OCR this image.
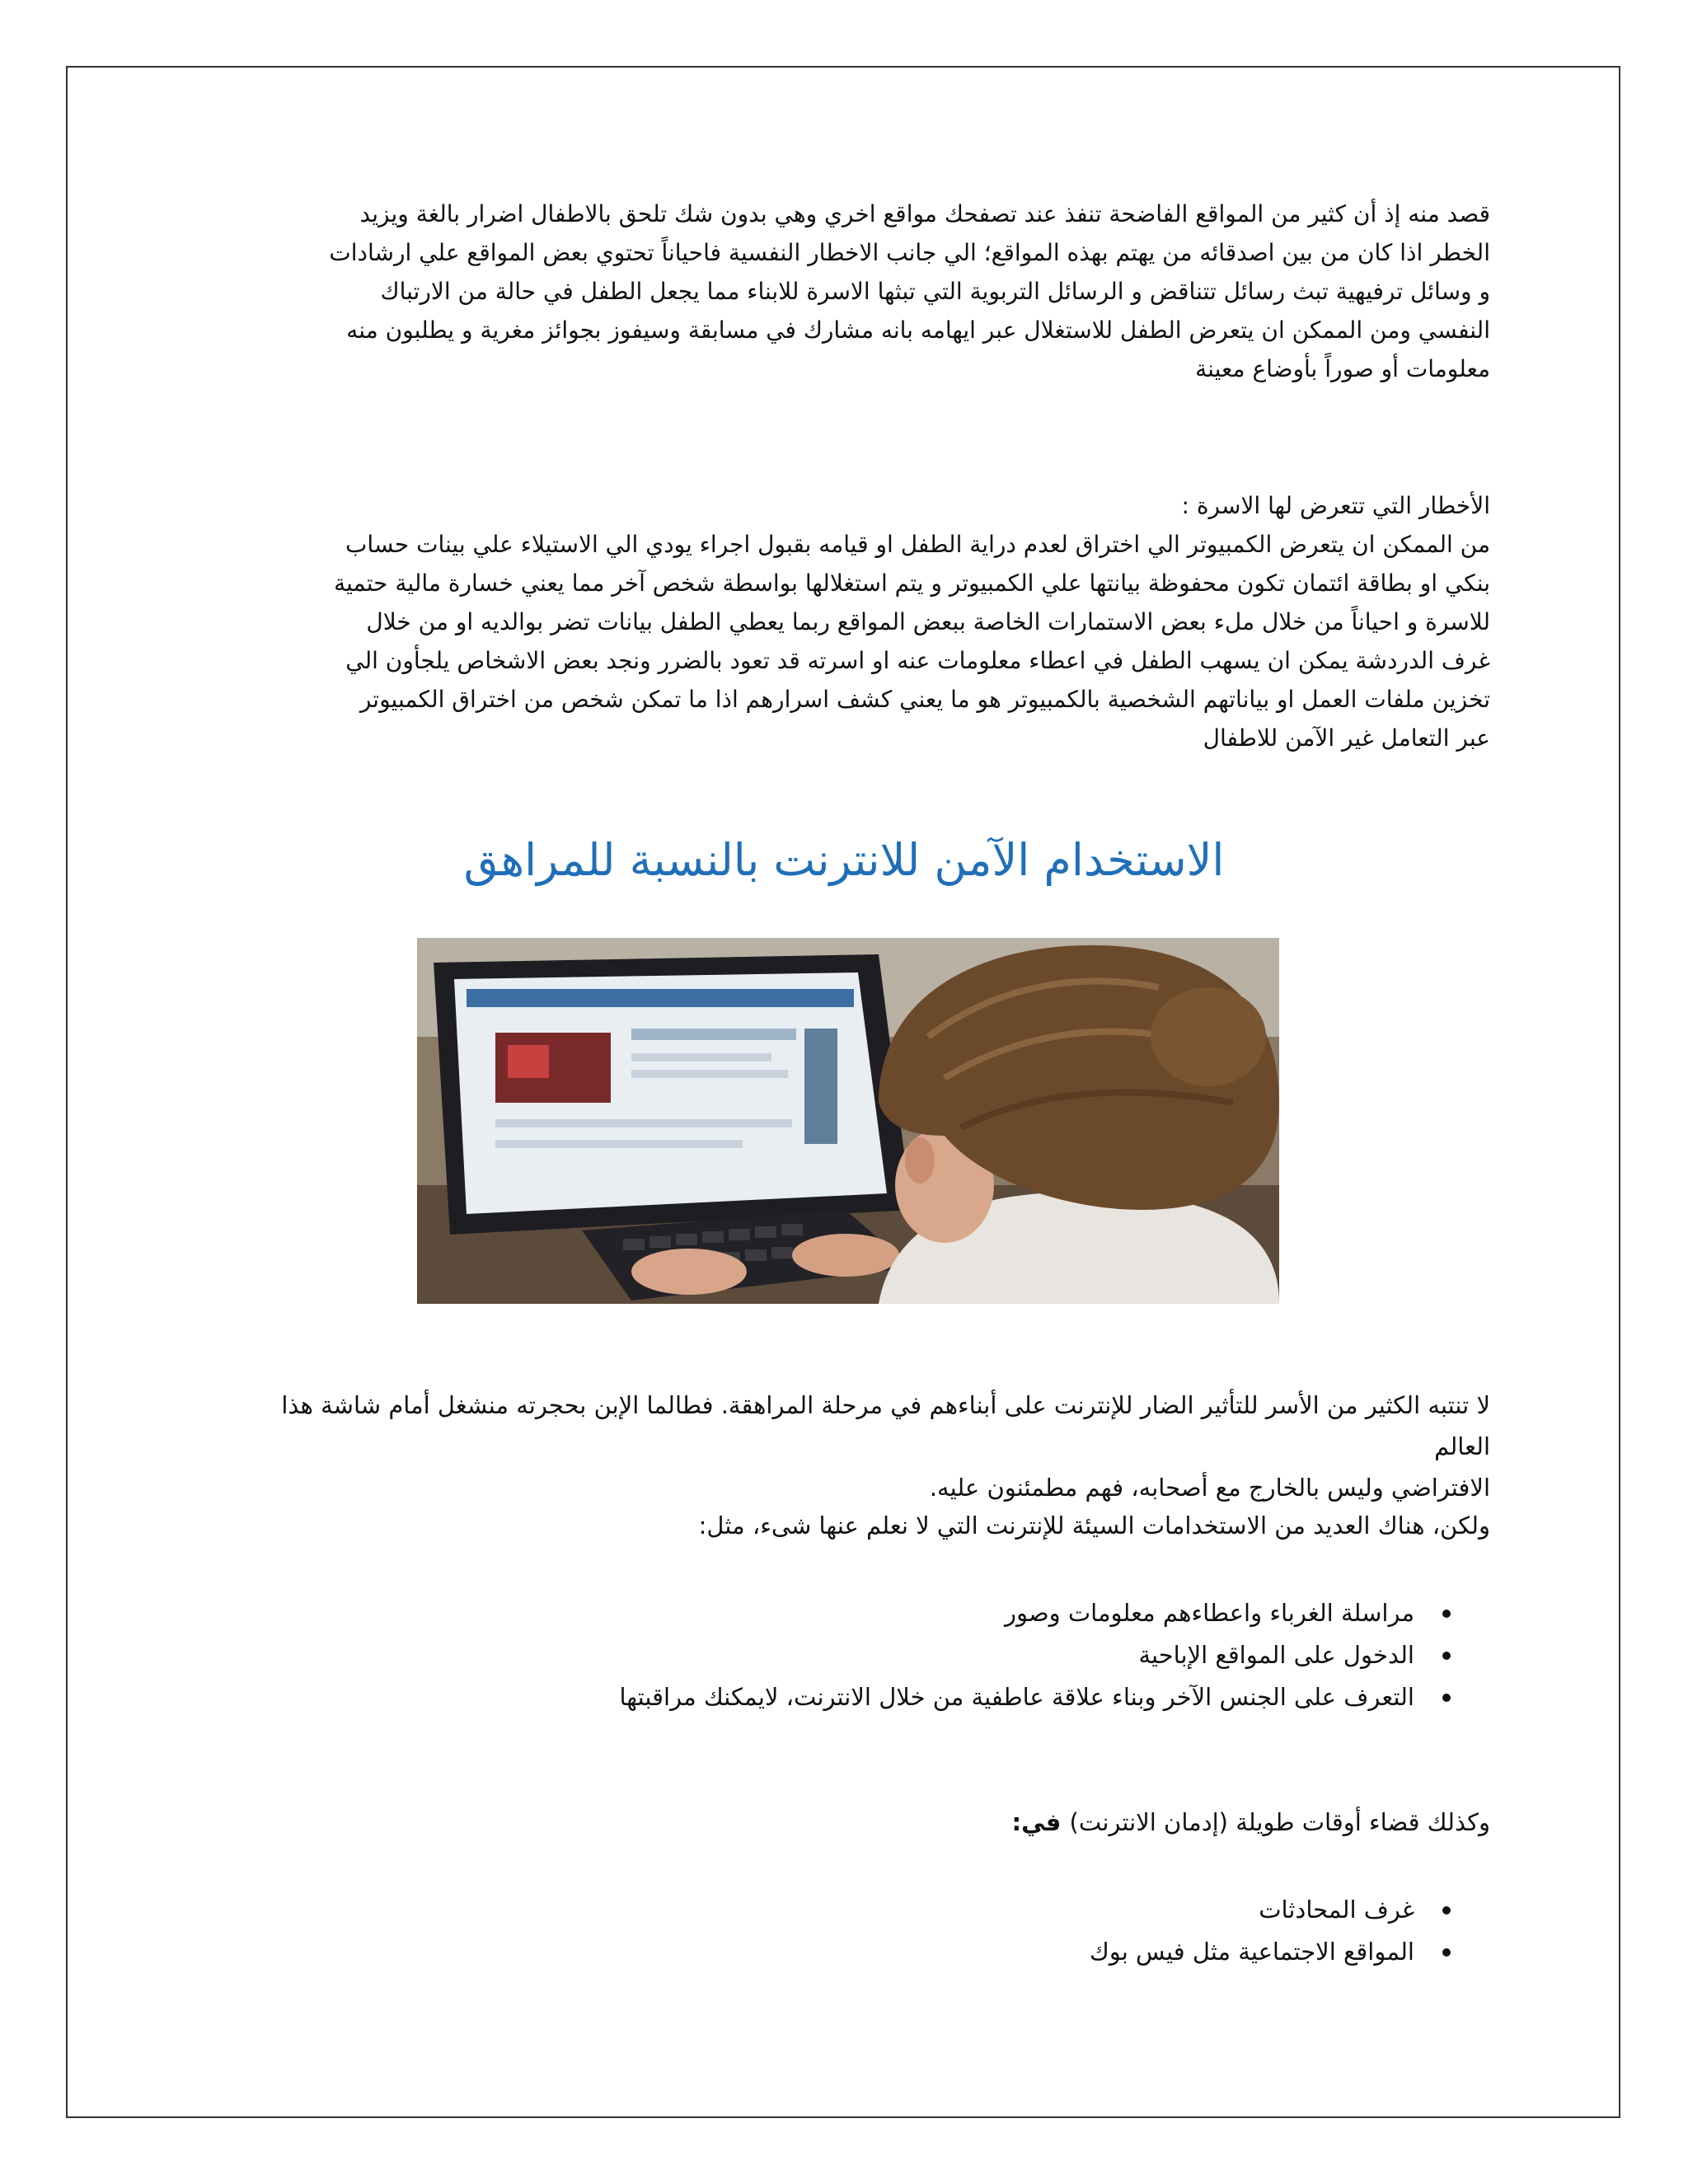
قصد منه إذ أن كثير من المواقع الفاضحة تنفذ عند تصفحك مواقع اخري وهي بدون شك تلحق بالاطفال اضرار بالغة ويزيد

الخطر اذا كان من بين اصدقائه من يهتم بهذه المواقع؛ الي جانب الاخطار النفسية فاحياناً تحتوي بعض المواقع علي ارشادات

و وسائل ترفيهية تبث رسائل تتناقض و الرسائل التربوية التي تبثها الاسرة للابناء مما يجعل الطفل في حالة من الارتباك

النفسي ومن الممكن ان يتعرض الطفل للاستغلال عبر ايهامه بانه مشارك في مسابقة وسيفوز بجوائز مغرية و يطلبون منه

معلومات أو صوراً بأوضاع معينة

الأخطار التي تتعرض لها الاسرة :

من الممكن ان يتعرض الكمبيوتر الي اختراق لعدم دراية الطفل او قيامه بقبول اجراء يودي الي الاستيلاء علي بينات حساب

بنكي او بطاقة ائتمان تكون محفوظة بيانتها علي الكمبيوتر و يتم استغلالها بواسطة شخص آخر مما يعني خسارة مالية حتمية

للاسرة و احياناً من خلال ملء بعض الاستمارات الخاصة ببعض المواقع ربما يعطي الطفل بيانات تضر بوالديه او من خلال

غرف الدردشة يمكن ان يسهب الطفل في اعطاء معلومات عنه او اسرته قد تعود بالضرر ونجد بعض الاشخاص يلجأون الي

تخزين ملفات العمل او بياناتهم الشخصية بالكمبيوتر هو ما يعني كشف اسرارهم اذا ما تمكن شخص من اختراق الكمبيوتر

عبر التعامل غير الآمن للاطفال

الاستخدام الآمن للانترنت بالنسبة للمراهق

لا تنتبه الكثير من الأسر للتأثير الضار للإنترنت على أبناءهم في مرحلة المراهقة. فطالما الإبن بحجرته منشغل أمام شاشة هذا العالم

الافتراضي وليس بالخارج مع أصحابه، فهم مطمئنون عليه.

ولكن، هناك العديد من الاستخدامات السيئة للإنترنت التي لا نعلم عنها شىء، مثل:

مراسلة الغرباء واعطاءهم معلومات وصور
الدخول على المواقع الإباحية
التعرف على الجنس الآخر وبناء علاقة عاطفية من خلال الانترنت، لايمكنك مراقبتها

وكذلك قضاء أوقات طويلة (إدمان الانترنت) في:

غرف المحادثات
المواقع الاجتماعية مثل فيس بوك
